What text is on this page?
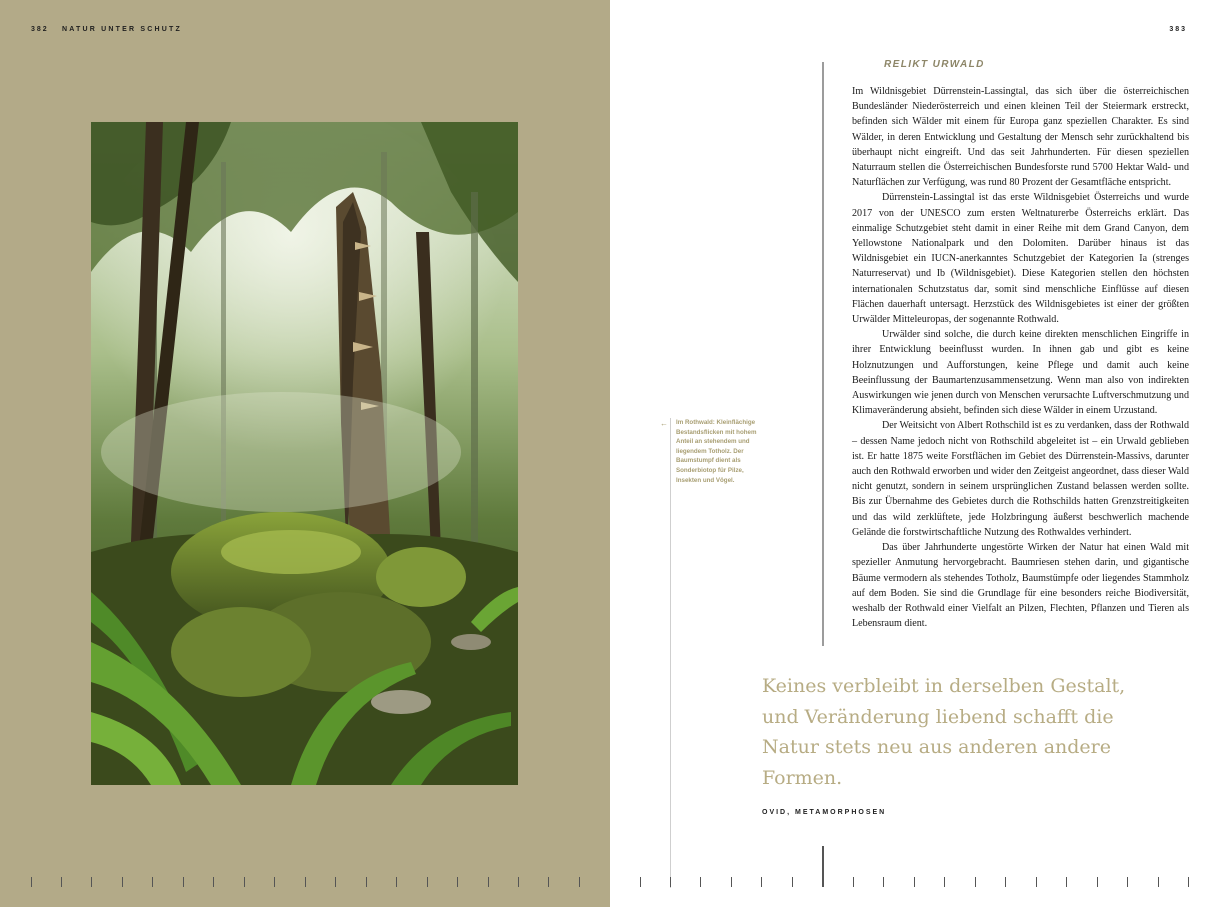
382 NATUR UNTER SCHUTZ	383
RELIKT URWALD

Im Wildnisgebiet Dürrenstein-Lassingtal, das sich über die österreichischen Bundesländer Niederösterreich und einen kleinen Teil der Steiermark erstreckt, befinden sich Wälder mit einem für Europa ganz speziellen Charakter. Es sind Wälder, in deren Entwicklung und Gestaltung der Mensch sehr zurückhaltend bis überhaupt nicht eingreift. Und das seit Jahrhunderten. Für diesen speziellen Naturraum stellen die Österreichischen Bundesforste rund 5700 Hektar Wald- und Naturflächen zur Verfügung, was rund 80 Prozent der Gesamtfläche entspricht.

Dürrenstein-Lassingtal ist das erste Wildnisgebiet Österreichs und wurde 2017 von der UNESCO zum ersten Weltnaturerbe Österreichs erklärt. Das einmalige Schutzgebiet steht damit in einer Reihe mit dem Grand Canyon, dem Yellowstone Nationalpark und den Dolomiten. Darüber hinaus ist das Wildnisgebiet ein IUCN-anerkanntes Schutzgebiet der Kategorien Ia (strenges Naturreservat) und Ib (Wildnisgebiet). Diese Kategorien stellen den höchsten internationalen Schutzstatus dar, somit sind menschliche Einflüsse auf diesen Flächen dauerhaft untersagt. Herzstück des Wildnisgebietes ist einer der größten Urwälder Mitteleuropas, der sogenannte Rothwald.

Urwälder sind solche, die durch keine direkten menschlichen Eingriffe in ihrer Entwicklung beeinflusst wurden. In ihnen gab und gibt es keine Holznutzungen und Aufforstungen, keine Pflege und damit auch keine Beeinflussung der Baumartenzusammensetzung. Wenn man also von indirekten Auswirkungen wie jenen durch von Menschen verursachte Luftverschmutzung und Klimaveränderung absieht, befinden sich diese Wälder in einem Urzustand.

Der Weitsicht von Albert Rothschild ist es zu verdanken, dass der Rothwald – dessen Name jedoch nicht von Rothschild abgeleitet ist – ein Urwald geblieben ist. Er hatte 1875 weite Forstflächen im Gebiet des Dürrenstein-Massivs, darunter auch den Rothwald erworben und wider den Zeitgeist angeordnet, dass dieser Wald nicht genutzt, sondern in seinem ursprünglichen Zustand belassen werden sollte. Bis zur Übernahme des Gebietes durch die Rothschilds hatten Grenzstreitigkeiten und das wild zerklüftete, jede Holzbringung äußerst beschwerlich machende Gelände die forstwirtschaftliche Nutzung des Rothwaldes verhindert.

Das über Jahrhunderte ungestörte Wirken der Natur hat einen Wald mit spezieller Anmutung hervorgebracht. Baumriesen stehen darin, und gigantische Bäume vermodern als stehendes Totholz, Baumstümpfe oder liegendes Stammholz auf dem Boden. Sie sind die Grundlage für eine besonders reiche Biodiversität, weshalb der Rothwald einer Vielfalt an Pilzen, Flechten, Pflanzen und Tieren als Lebensraum dient.

← Im Rothwald: Kleinflächige Bestandsflicken mit hohem Anteil an stehendem und liegendem Totholz. Der Baumstumpf dient als Sonderbiotop für Pilze, Insekten und Vögel.
Keines verbleibt in derselben Gestalt, und Veränderung liebend schafft die Natur stets neu aus anderen andere Formen.
OVID, METAMORPHOSEN
